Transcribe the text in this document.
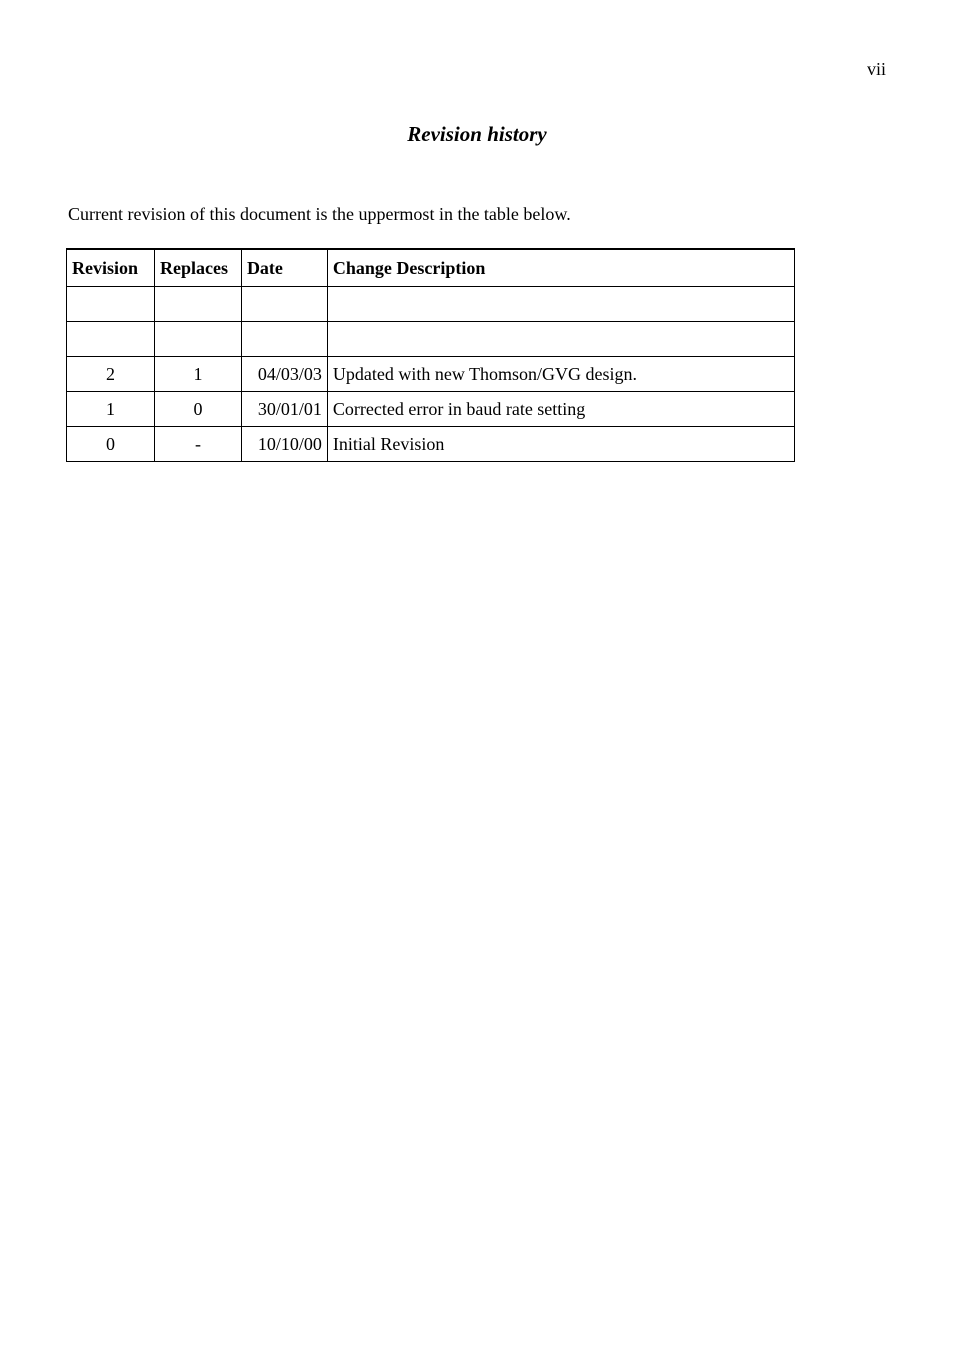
vii
Revision history
Current revision of this document is the uppermost in the table below.
Revision	Replaces	Date	Change Description

2	1	04/03/03	Updated with new Thomson/GVG design.
1	0	30/01/01	Corrected error in baud rate setting
0	-	10/10/00	Initial Revision
